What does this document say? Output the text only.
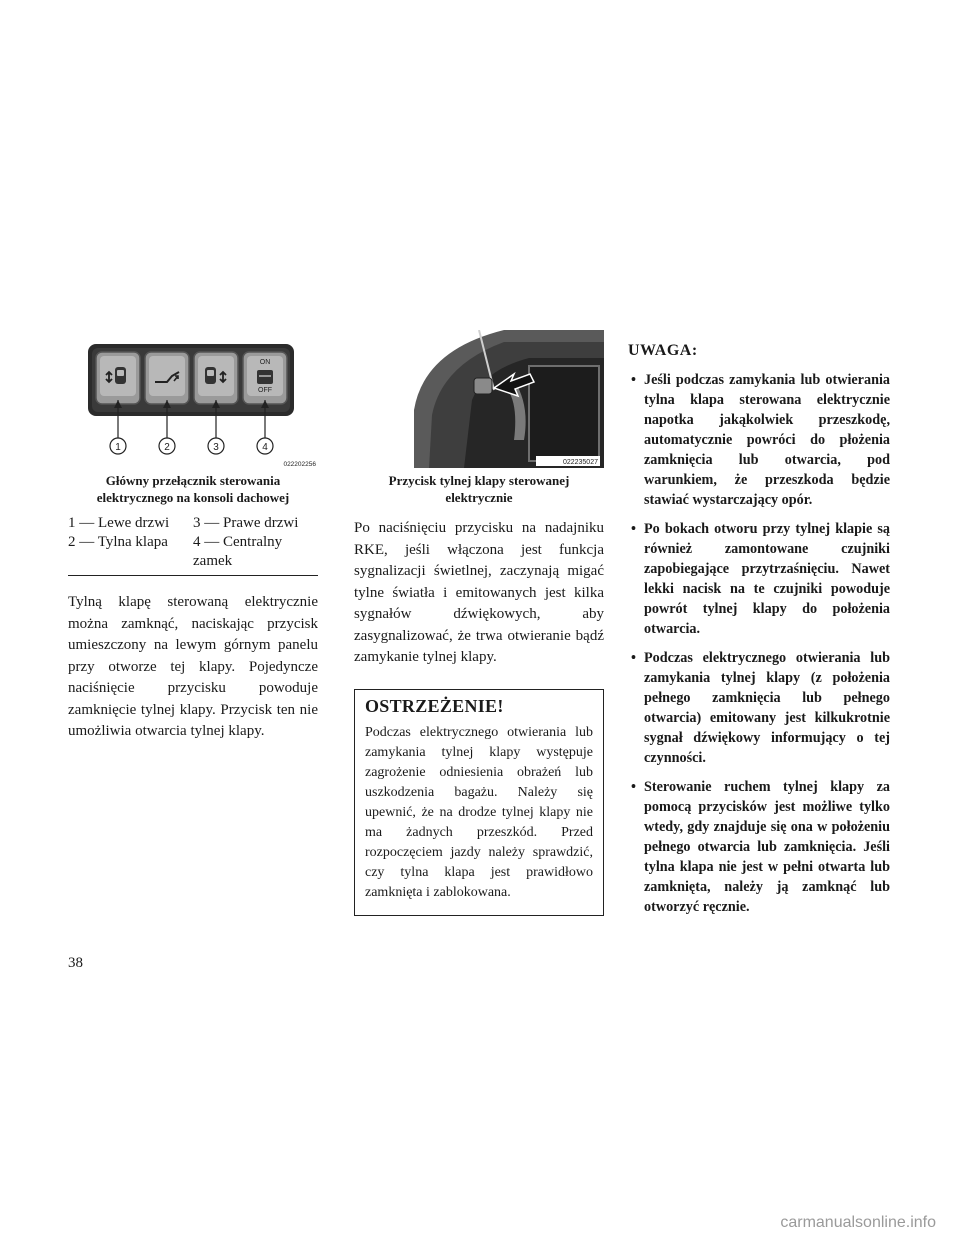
ON
OFF
1	2	3	4
022202256
Główny przełącznik sterowania elektrycznego na konsoli dachowej
1 — Lewe drzwi	3 — Prawe drzwi
2 — Tylna klapa	4 — Centralny zamek

Tylną klapę sterowaną elektrycznie można zamknąć, naciskając przycisk umieszczony na lewym górnym panelu przy otworze tej klapy. Pojedyncze naciśnięcie przycisku powoduje zamknięcie tylnej klapy. Przycisk ten nie umożliwia otwarcia tylnej klapy.

022235027
Przycisk tylnej klapy sterowanej elektrycznie

Po naciśnięciu przycisku na nadajniku RKE, jeśli włączona jest funkcja sygnalizacji świetlnej, zaczynają migać tylne światła i emitowanych jest kilka sygnałów dźwiękowych, aby zasygnalizować, że trwa otwieranie bądź zamykanie tylnej klapy.

OSTRZEŻENIE!
Podczas elektrycznego otwierania lub zamykania tylnej klapy występuje zagrożenie odniesienia obrażeń lub uszkodzenia bagażu. Należy się upewnić, że na drodze tylnej klapy nie ma żadnych przeszkód. Przed rozpoczęciem jazdy należy sprawdzić, czy tylna klapa jest prawidłowo zamknięta i zablokowana.
UWAGA:
• Jeśli podczas zamykania lub otwierania tylna klapa sterowana elektrycznie napotka jakąkolwiek przeszkodę, automatycznie powróci do płożenia zamknięcia lub otwarcia, pod warunkiem, że przeszkoda będzie stawiać wystarczający opór.
• Po bokach otworu przy tylnej klapie są również zamontowane czujniki zapobiegające przytrzaśnięciu. Nawet lekki nacisk na te czujniki powoduje powrót tylnej klapy do położenia otwarcia.
• Podczas elektrycznego otwierania lub zamykania tylnej klapy (z położenia pełnego zamknięcia lub pełnego otwarcia) emitowany jest kilkukrotnie sygnał dźwiękowy informujący o tej czynności.
• Sterowanie ruchem tylnej klapy za pomocą przycisków jest możliwe tylko wtedy, gdy znajduje się ona w położeniu pełnego otwarcia lub zamknięcia. Jeśli tylna klapa nie jest w pełni otwarta lub zamknięta, należy ją zamknąć lub otworzyć ręcznie.
38
carmanualsonline.info
